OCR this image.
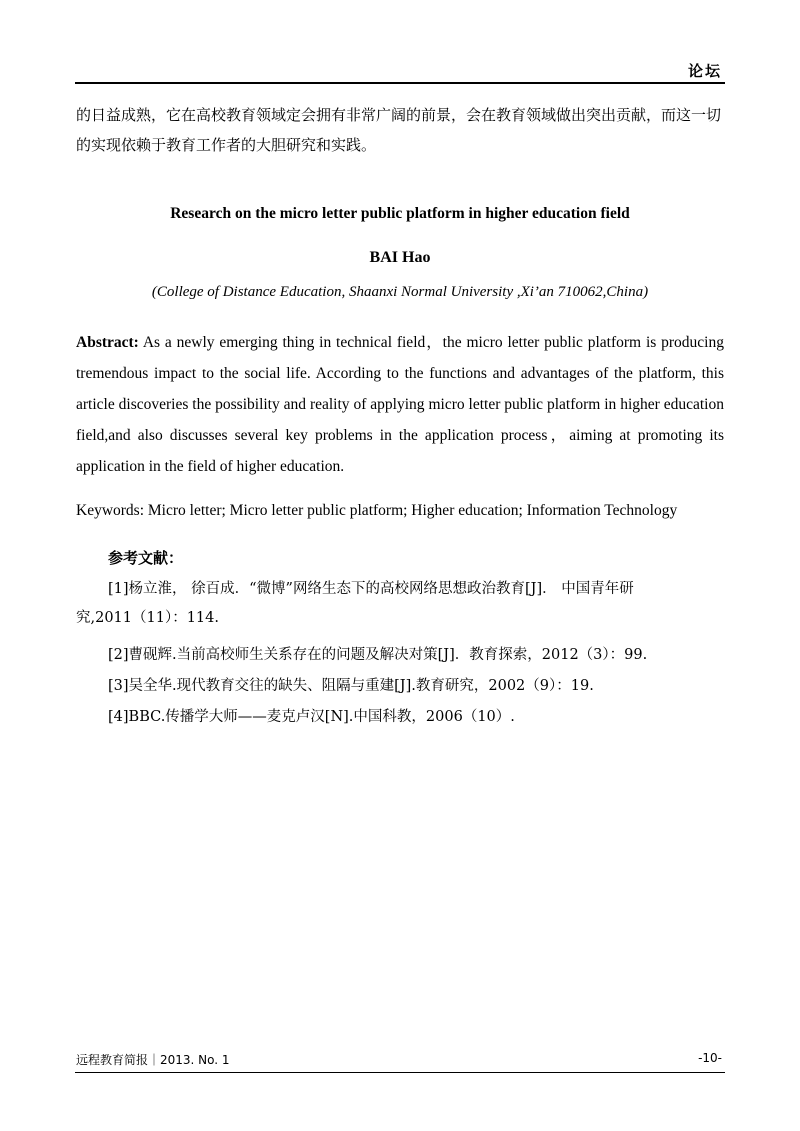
论坛

的日益成熟，它在高校教育领域定会拥有非常广阔的前景，会在教育领域做出突出贡献，而这一切的实现依赖于教育工作者的大胆研究和实践。

Research on the micro letter public platform in higher education field
BAI Hao
(College of Distance Education, Shaanxi Normal University ,Xi’an 710062,China)

Abstract: As a newly emerging thing in technical field，the micro letter public platform is producing tremendous impact to the social life. According to the functions and advantages of the platform, this article discoveries the possibility and reality of applying micro letter public platform in higher education field,and also discusses several key problems in the application process，aiming at promoting its application in the field of higher education.

Keywords: Micro letter; Micro letter public platform; Higher education; Information Technology

参考文献：

[1]杨立淮， 徐百成．“微博”网络生态下的高校网络思想政治教育[J]． 中国青年研

究,2011（11）：114.

[2]曹砚辉.当前高校师生关系存在的问题及解决对策[J]．教育探索，2012（3）：99.

[3]吴全华.现代教育交往的缺失、阻隔与重建[J].教育研究，2002（9）：19.

[4]BBC.传播学大师——麦克卢汉[N].中国科教，2006（10）.

远程教育简报｜2013. No. 1	-10-
